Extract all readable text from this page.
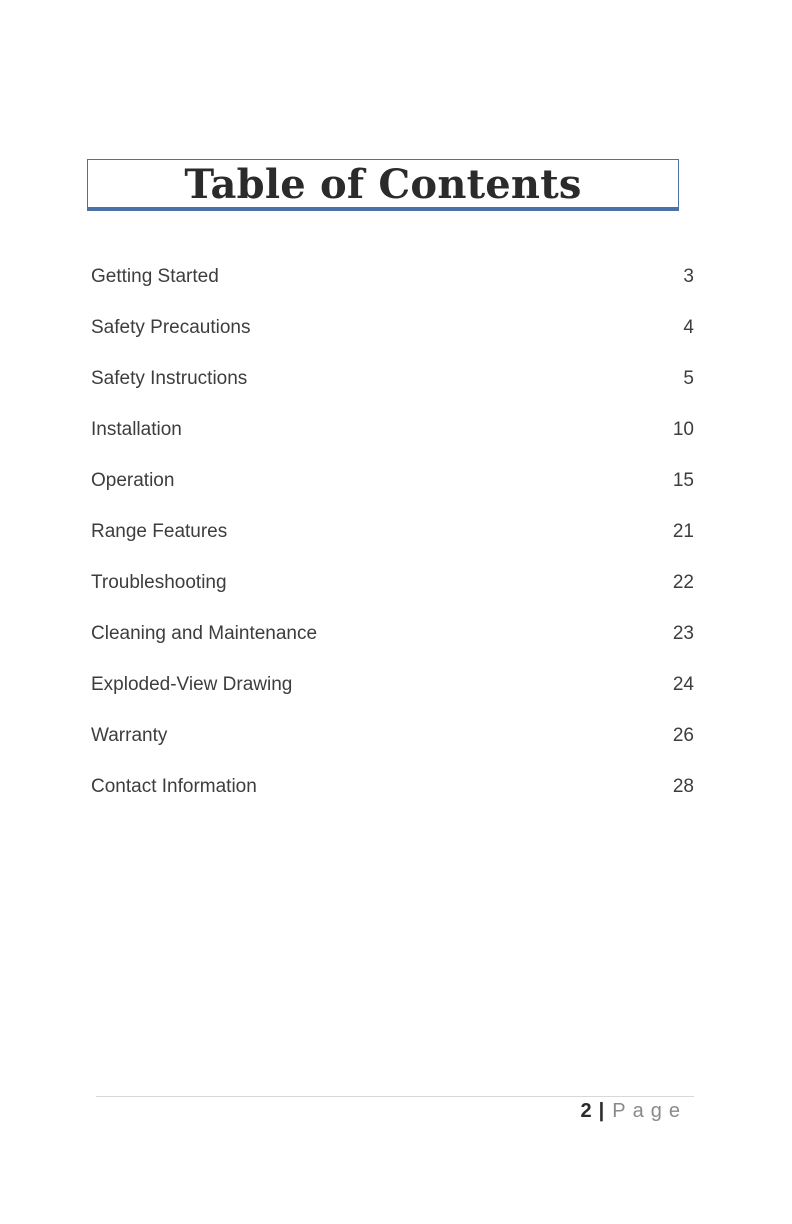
Table of Contents
Getting Started	3
Safety Precautions	4
Safety Instructions	5
Installation	10
Operation	15
Range Features	21
Troubleshooting	22
Cleaning and Maintenance	23
Exploded-View Drawing	24
Warranty	26
Contact Information	28
2 | Page
